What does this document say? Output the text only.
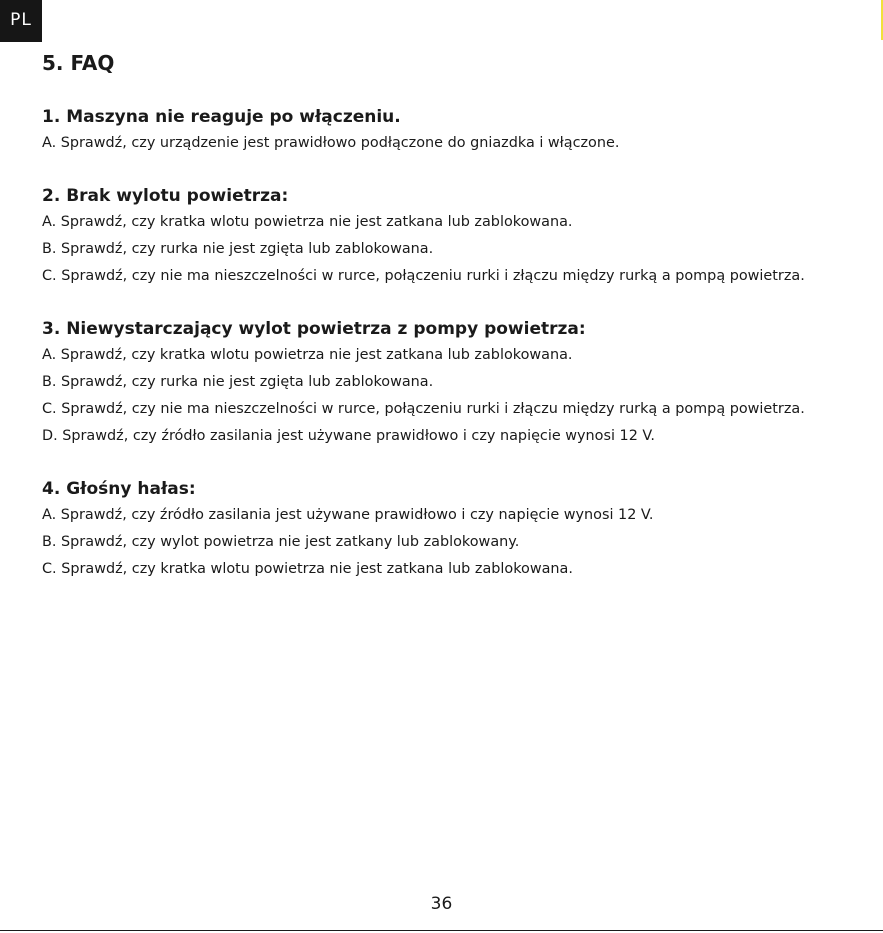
PL
5. FAQ
1. Maszyna nie reaguje po włączeniu.
A. Sprawdź, czy urządzenie jest prawidłowo podłączone do gniazdka i włączone.
2. Brak wylotu powietrza:
A. Sprawdź, czy kratka wlotu powietrza nie jest zatkana lub zablokowana.
B. Sprawdź, czy rurka nie jest zgięta lub zablokowana.
C. Sprawdź, czy nie ma nieszczelności w rurce, połączeniu rurki i złączu między rurką a pompą powietrza.
3. Niewystarczający wylot powietrza z pompy powietrza:
A. Sprawdź, czy kratka wlotu powietrza nie jest zatkana lub zablokowana.
B. Sprawdź, czy rurka nie jest zgięta lub zablokowana.
C. Sprawdź, czy nie ma nieszczelności w rurce, połączeniu rurki i złączu między rurką a pompą powietrza.
D. Sprawdź, czy źródło zasilania jest używane prawidłowo i czy napięcie wynosi 12 V.
4. Głośny hałas:
A. Sprawdź, czy źródło zasilania jest używane prawidłowo i czy napięcie wynosi 12 V.
B. Sprawdź, czy wylot powietrza nie jest zatkany lub zablokowany.
C. Sprawdź, czy kratka wlotu powietrza nie jest zatkana lub zablokowana.
36
